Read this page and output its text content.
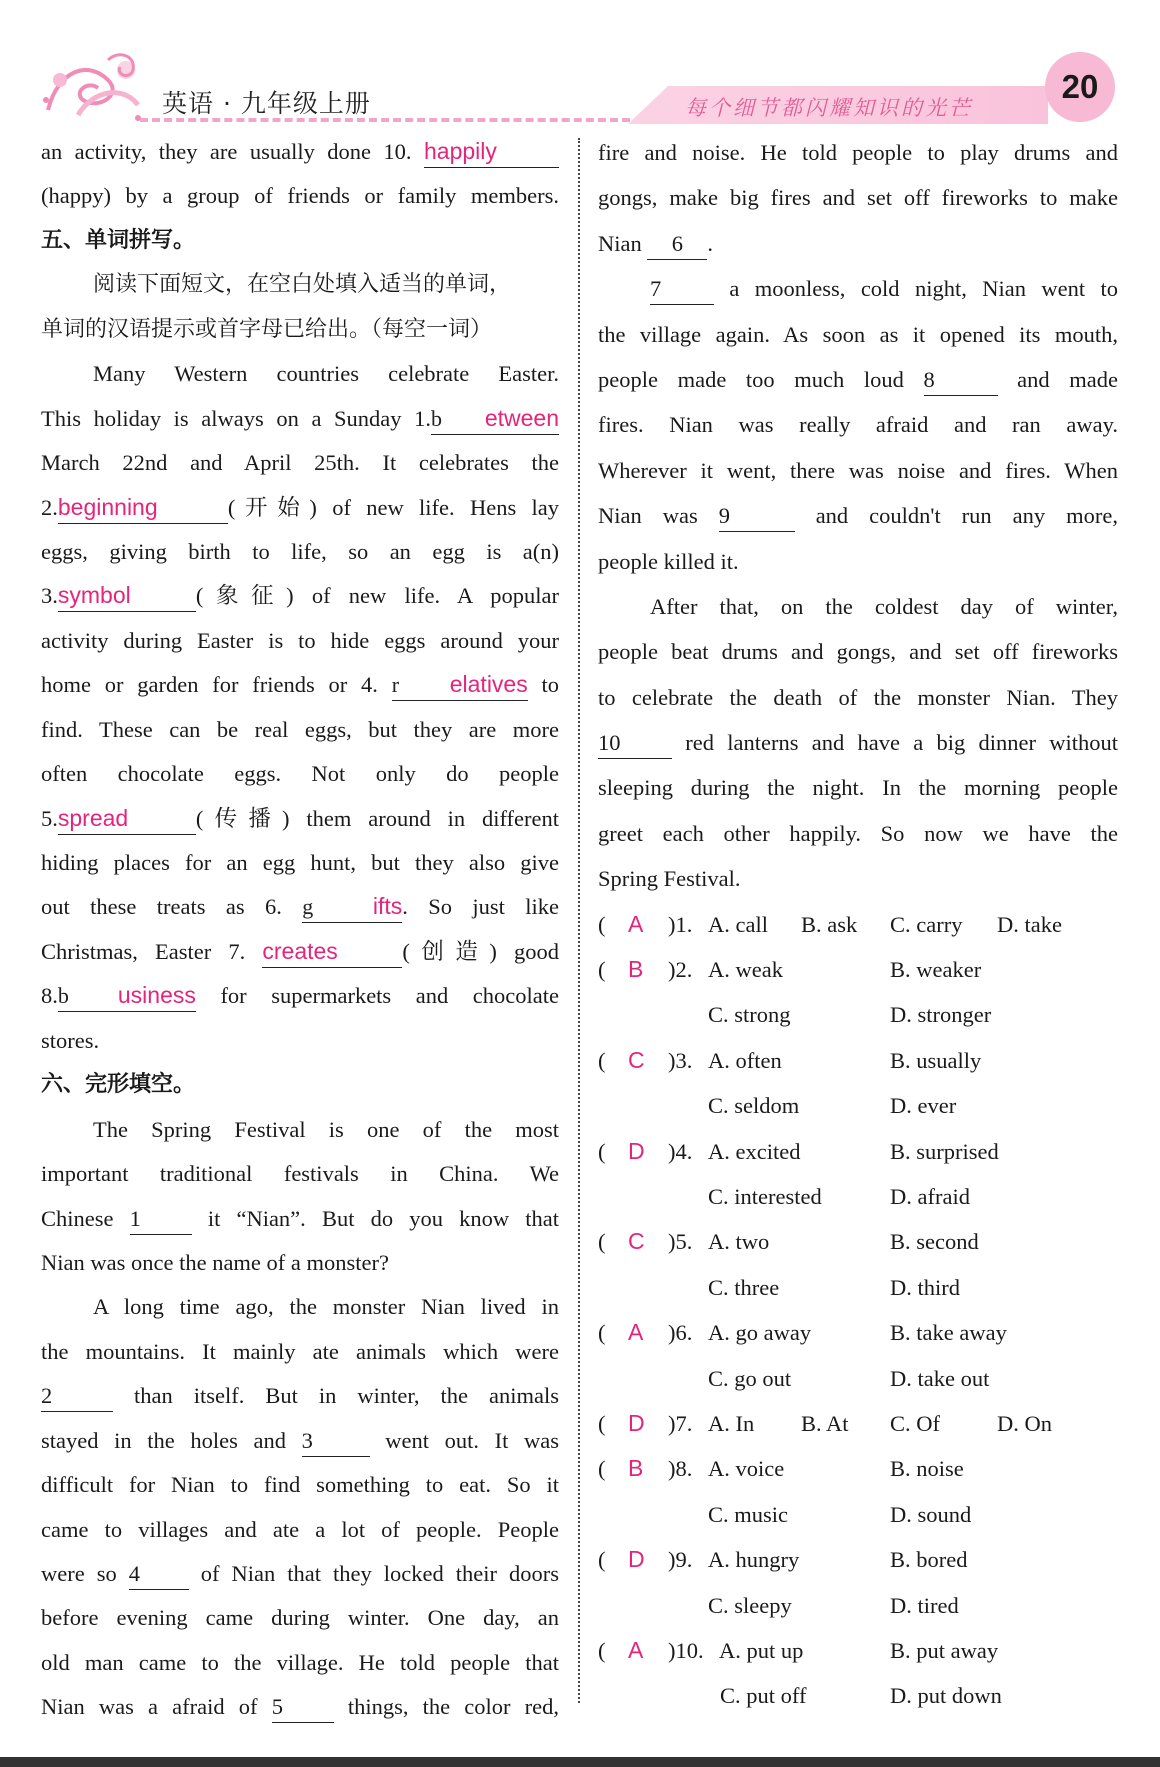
英语 · 九年级上册	每个细节都闪耀知识的光芒
20
an activity, they are usually done 10. happily
(happy) by a group of friends or family members.
五、单词拼写。
阅读下面短文，在空白处填入适当的单词，
单词的汉语提示或首字母已给出。（每空一词）
Many Western countries celebrate Easter.
This holiday is always on a Sunday 1.b etween
March 22nd and April 25th. It celebrates the
2.beginning	(开始) of new life. Hens lay
eggs, giving birth to life, so an egg is a(n)
3.symbol	(象征) of new life. A popular
activity during Easter is to hide eggs around your
home or garden for friends or 4. r elatives to
find. These can be real eggs, but they are more
often chocolate eggs. Not only do people
5.spread	(传播) them around in different
hiding places for an egg hunt, but they also give
out these treats as 6. g	ifts. So just like
Christmas, Easter 7. creates	(创造) good
8.b usiness for supermarkets and chocolate
stores.
六、完形填空。
The Spring Festival is one of the most
important traditional festivals in China. We
Chinese 1	it “Nian”. But do you know that
Nian was once the name of a monster?
A long time ago, the monster Nian lived in
the mountains. It mainly ate animals which were
2	than itself. But in winter, the animals
stayed in the holes and 3	went out. It was
difficult for Nian to find something to eat. So it
came to villages and ate a lot of people. People
were so 4	of Nian that they locked their doors
before evening came during winter. One day, an
old man came to the village. He told people that
Nian was a afraid of 5	things, the color red,
fire and noise. He told people to play drums and
gongs, make big fires and set off fireworks to make
Nian 6 .
7	a moonless, cold night, Nian went to
the village again. As soon as it opened its mouth,
people made too much loud 8	and made
fires. Nian was really afraid and ran away.
Wherever it went, there was noise and fires. When
Nian was 9	and couldn't run any more,
people killed it.
After that, on the coldest day of winter,
people beat drums and gongs, and set off fireworks
to celebrate the death of the monster Nian. They
10	red lanterns and have a big dinner without
sleeping during the night. In the morning people
greet each other happily. So now we have the
Spring Festival.
( A )1. A. call B. ask C. carry D. take
( B )2. A. weak	B. weaker
C. strong	D. stronger
( C )3. A. often	B. usually
C. seldom	D. ever
( D )4. A. excited	B. surprised
C. interested	D. afraid
( C )5. A. two	B. second
C. three	D. third
( A )6. A. go away	B. take away
C. go out	D. take out
( D )7. A. In B. At C. Of	D. On
( B )8. A. voice	B. noise
C. music	D. sound
( D )9. A. hungry	B. bored
C. sleepy	D. tired
( A )10. A. put up	B. put away
C. put off	D. put down
